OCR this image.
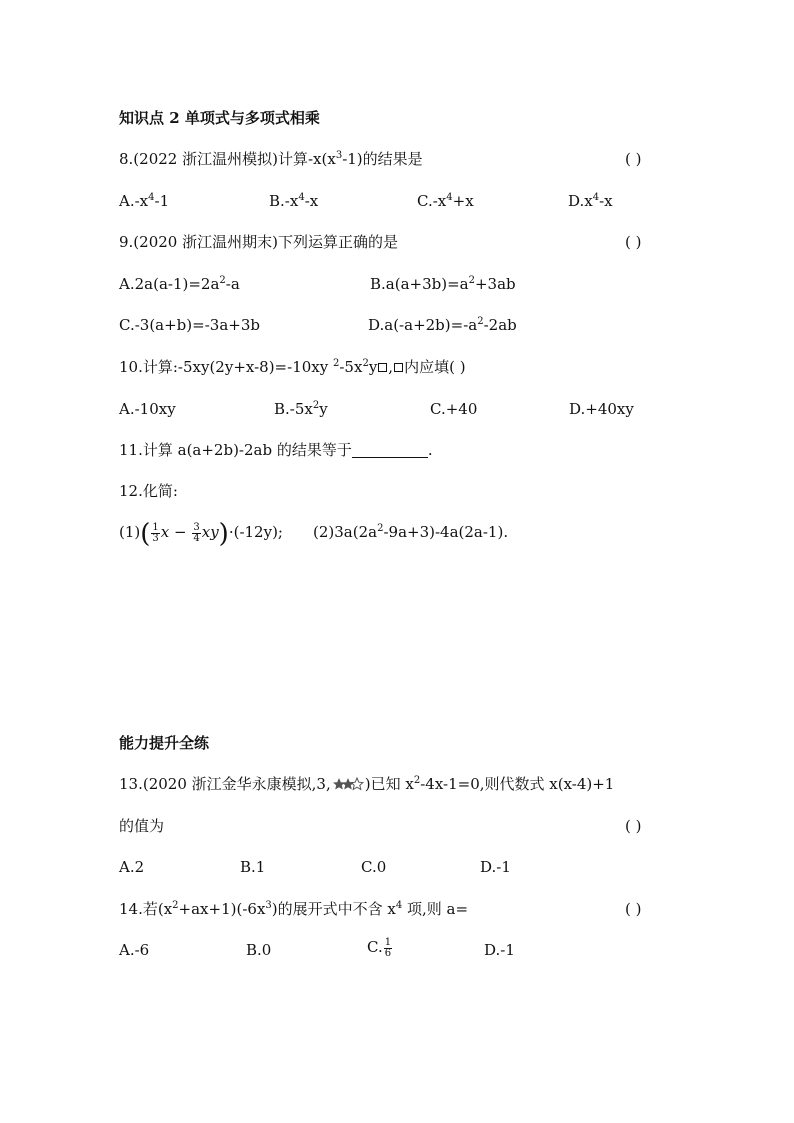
知识点 2 单项式与多项式相乘
8.(2022 浙江温州模拟)计算$-x(x^3-1)$的结果是	( )
$A.-x^4-1$	$B.-x^4-x$	$C.-x^4+x$	$D.x^4-x$
9.(2020 浙江温州期末)下列运算正确的是	( )
$A.2a(a-1)=2a^2-a$	$B.a(a+3b)=a^2+3ab$
C.-3(a+b)=-3a+3b	$D.a(-a+2b)=-a^2-2ab$
10.计算:-5xy(2y+x-8)=-10xy $^2-5x^2y$ , 内应填( )
A.-10xy	$B.-5x^2y$	C.+40	D.+40xy
11.计算 a(a+2b)-2ab 的结果等于	.
12.化简:
$(1)( \frac{1}{3}$ $x - \frac{3}{4} xy)\cdot(-12y)$; $(2)3a(2a^2-9a+3)-4a(2a-1)$.
能力提升全练
13.(2020 浙江金华永康模拟,3, )已知 $x^2-4x-1=0$,则代数式 x(x-4)+1
的值为	( )
A.2	B.1	C.0	D.-1
14.若$(x^2+ax+1)(-6x^3)$的展开式中不含 $x^4$ 项,则 a=	( )
A.-6	B.0	C. $\frac{1}{6}$	D.-1
